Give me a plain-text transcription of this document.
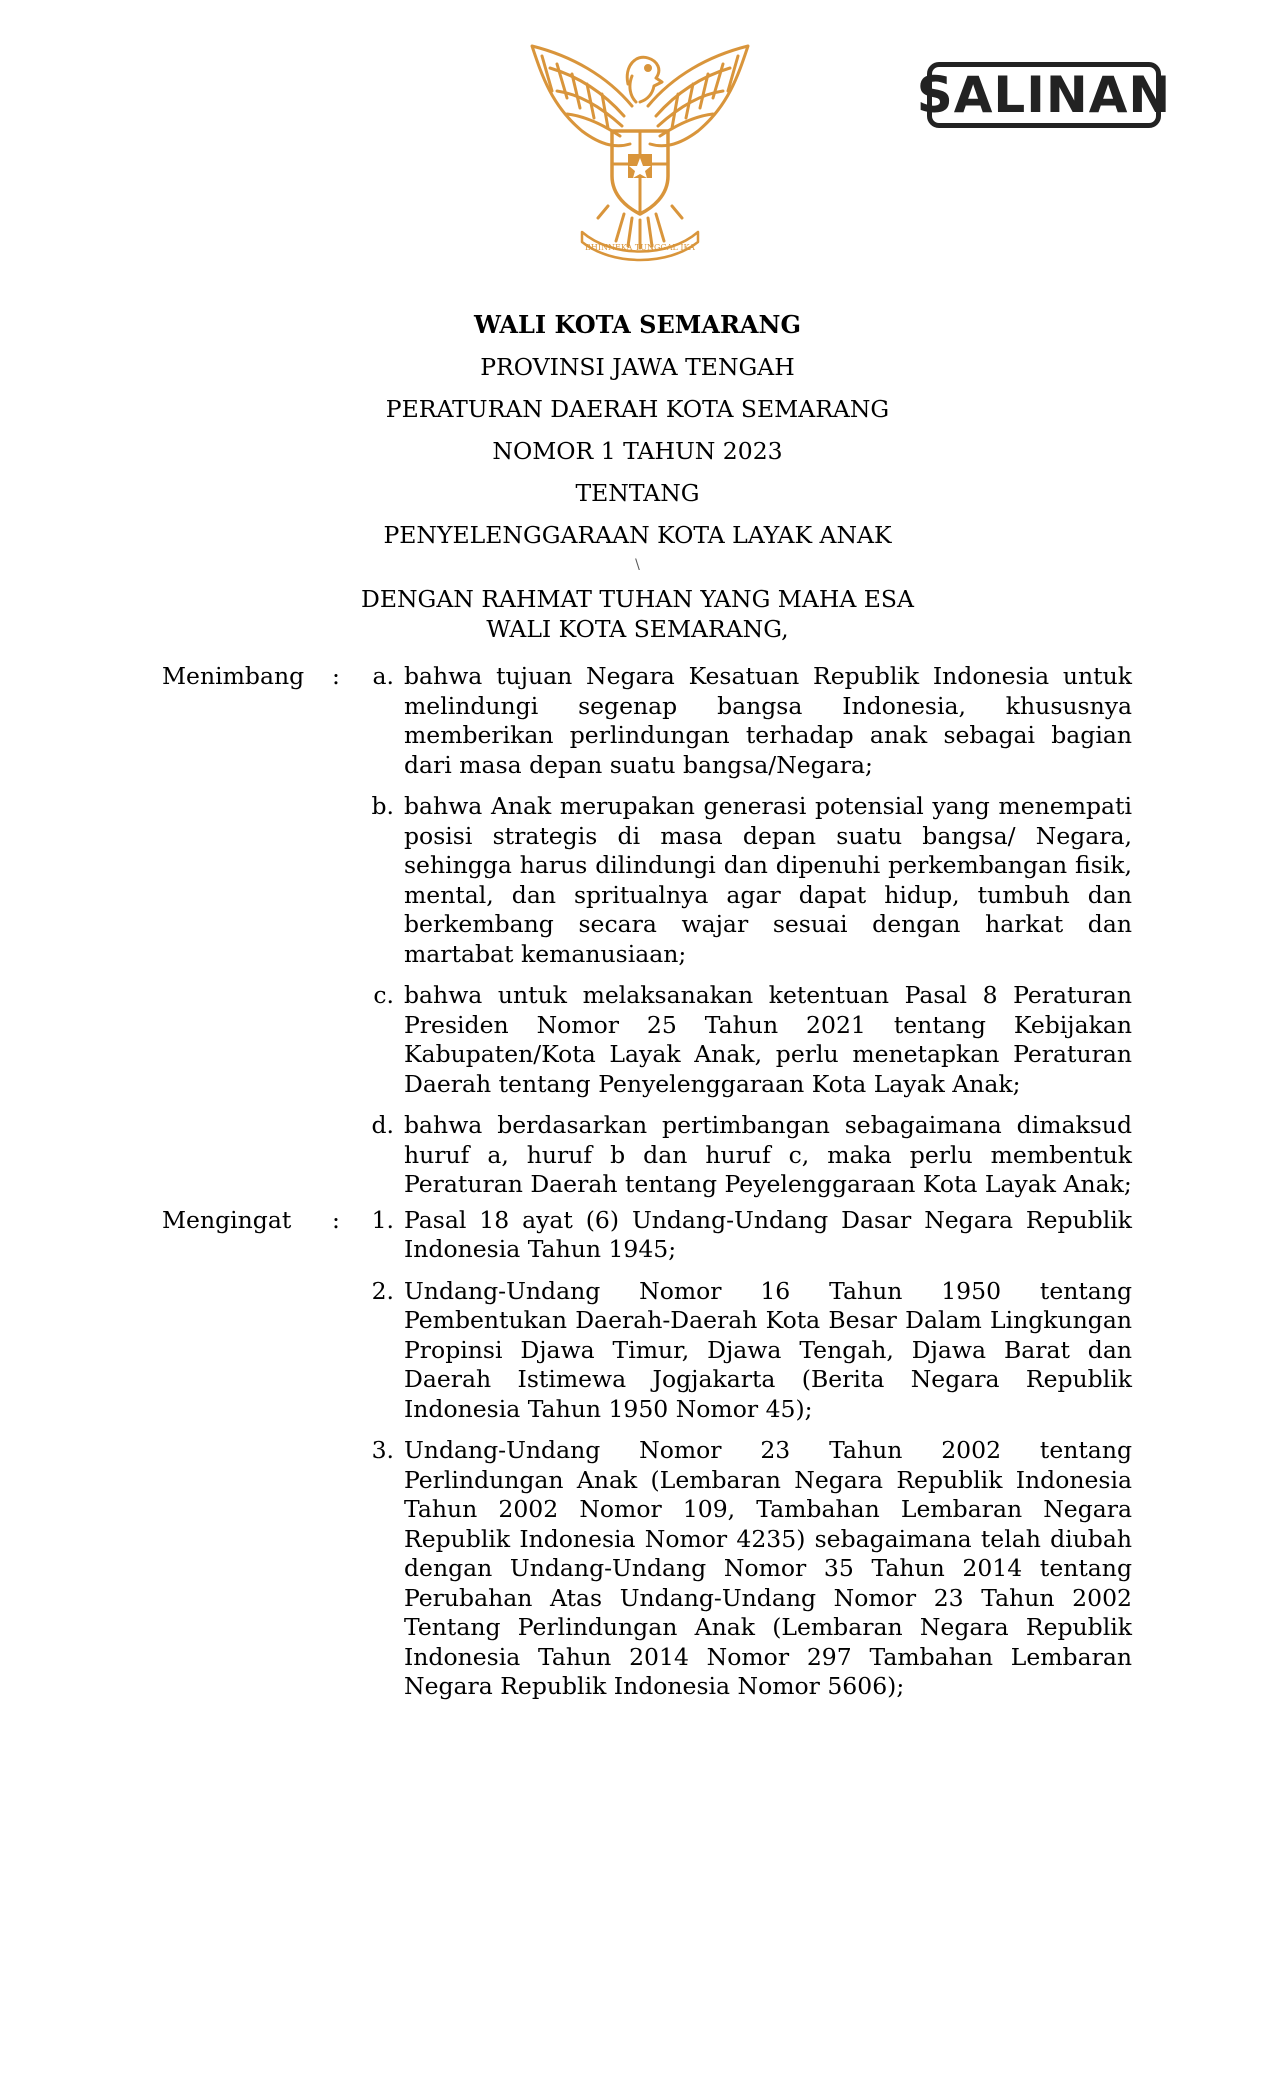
BHINNEKA TUNGGAL IKA
SALINAN
WALI KOTA SEMARANG
PROVINSI JAWA TENGAH
PERATURAN DAERAH KOTA SEMARANG
NOMOR 1 TAHUN 2023
TENTANG
PENYELENGGARAAN KOTA LAYAK ANAK
\
DENGAN RAHMAT TUHAN YANG MAHA ESA
WALI KOTA SEMARANG,
Menimbang	:	a. bahwa tujuan Negara Kesatuan Republik Indonesia untuk melindungi segenap bangsa Indonesia, khususnya memberikan perlindungan terhadap anak sebagai bagian dari masa depan suatu bangsa/Negara;
b. bahwa Anak merupakan generasi potensial yang menempati posisi strategis di masa depan suatu bangsa/ Negara, sehingga harus dilindungi dan dipenuhi perkembangan fisik, mental, dan spritualnya agar dapat hidup, tumbuh dan berkembang secara wajar sesuai dengan harkat dan martabat kemanusiaan;
c. bahwa untuk melaksanakan ketentuan Pasal 8 Peraturan Presiden Nomor 25 Tahun 2021 tentang Kebijakan Kabupaten/Kota Layak Anak, perlu menetapkan Peraturan Daerah tentang Penyelenggaraan Kota Layak Anak;
d. bahwa berdasarkan pertimbangan sebagaimana dimaksud huruf a, huruf b dan huruf c, maka perlu membentuk Peraturan Daerah tentang Peyelenggaraan Kota Layak Anak;
Mengingat	:	1. Pasal 18 ayat (6) Undang-Undang Dasar Negara Republik Indonesia Tahun 1945;
2. Undang-Undang Nomor 16 Tahun 1950 tentang Pembentukan Daerah-Daerah Kota Besar Dalam Lingkungan Propinsi Djawa Timur, Djawa Tengah, Djawa Barat dan Daerah Istimewa Jogjakarta (Berita Negara Republik Indonesia Tahun 1950 Nomor 45);
3. Undang-Undang Nomor 23 Tahun 2002 tentang Perlindungan Anak (Lembaran Negara Republik Indonesia Tahun 2002 Nomor 109, Tambahan Lembaran Negara Republik Indonesia Nomor 4235) sebagaimana telah diubah dengan Undang-Undang Nomor 35 Tahun 2014 tentang Perubahan Atas Undang-Undang Nomor 23 Tahun 2002 Tentang Perlindungan Anak (Lembaran Negara Republik Indonesia Tahun 2014 Nomor 297 Tambahan Lembaran Negara Republik Indonesia Nomor 5606);
